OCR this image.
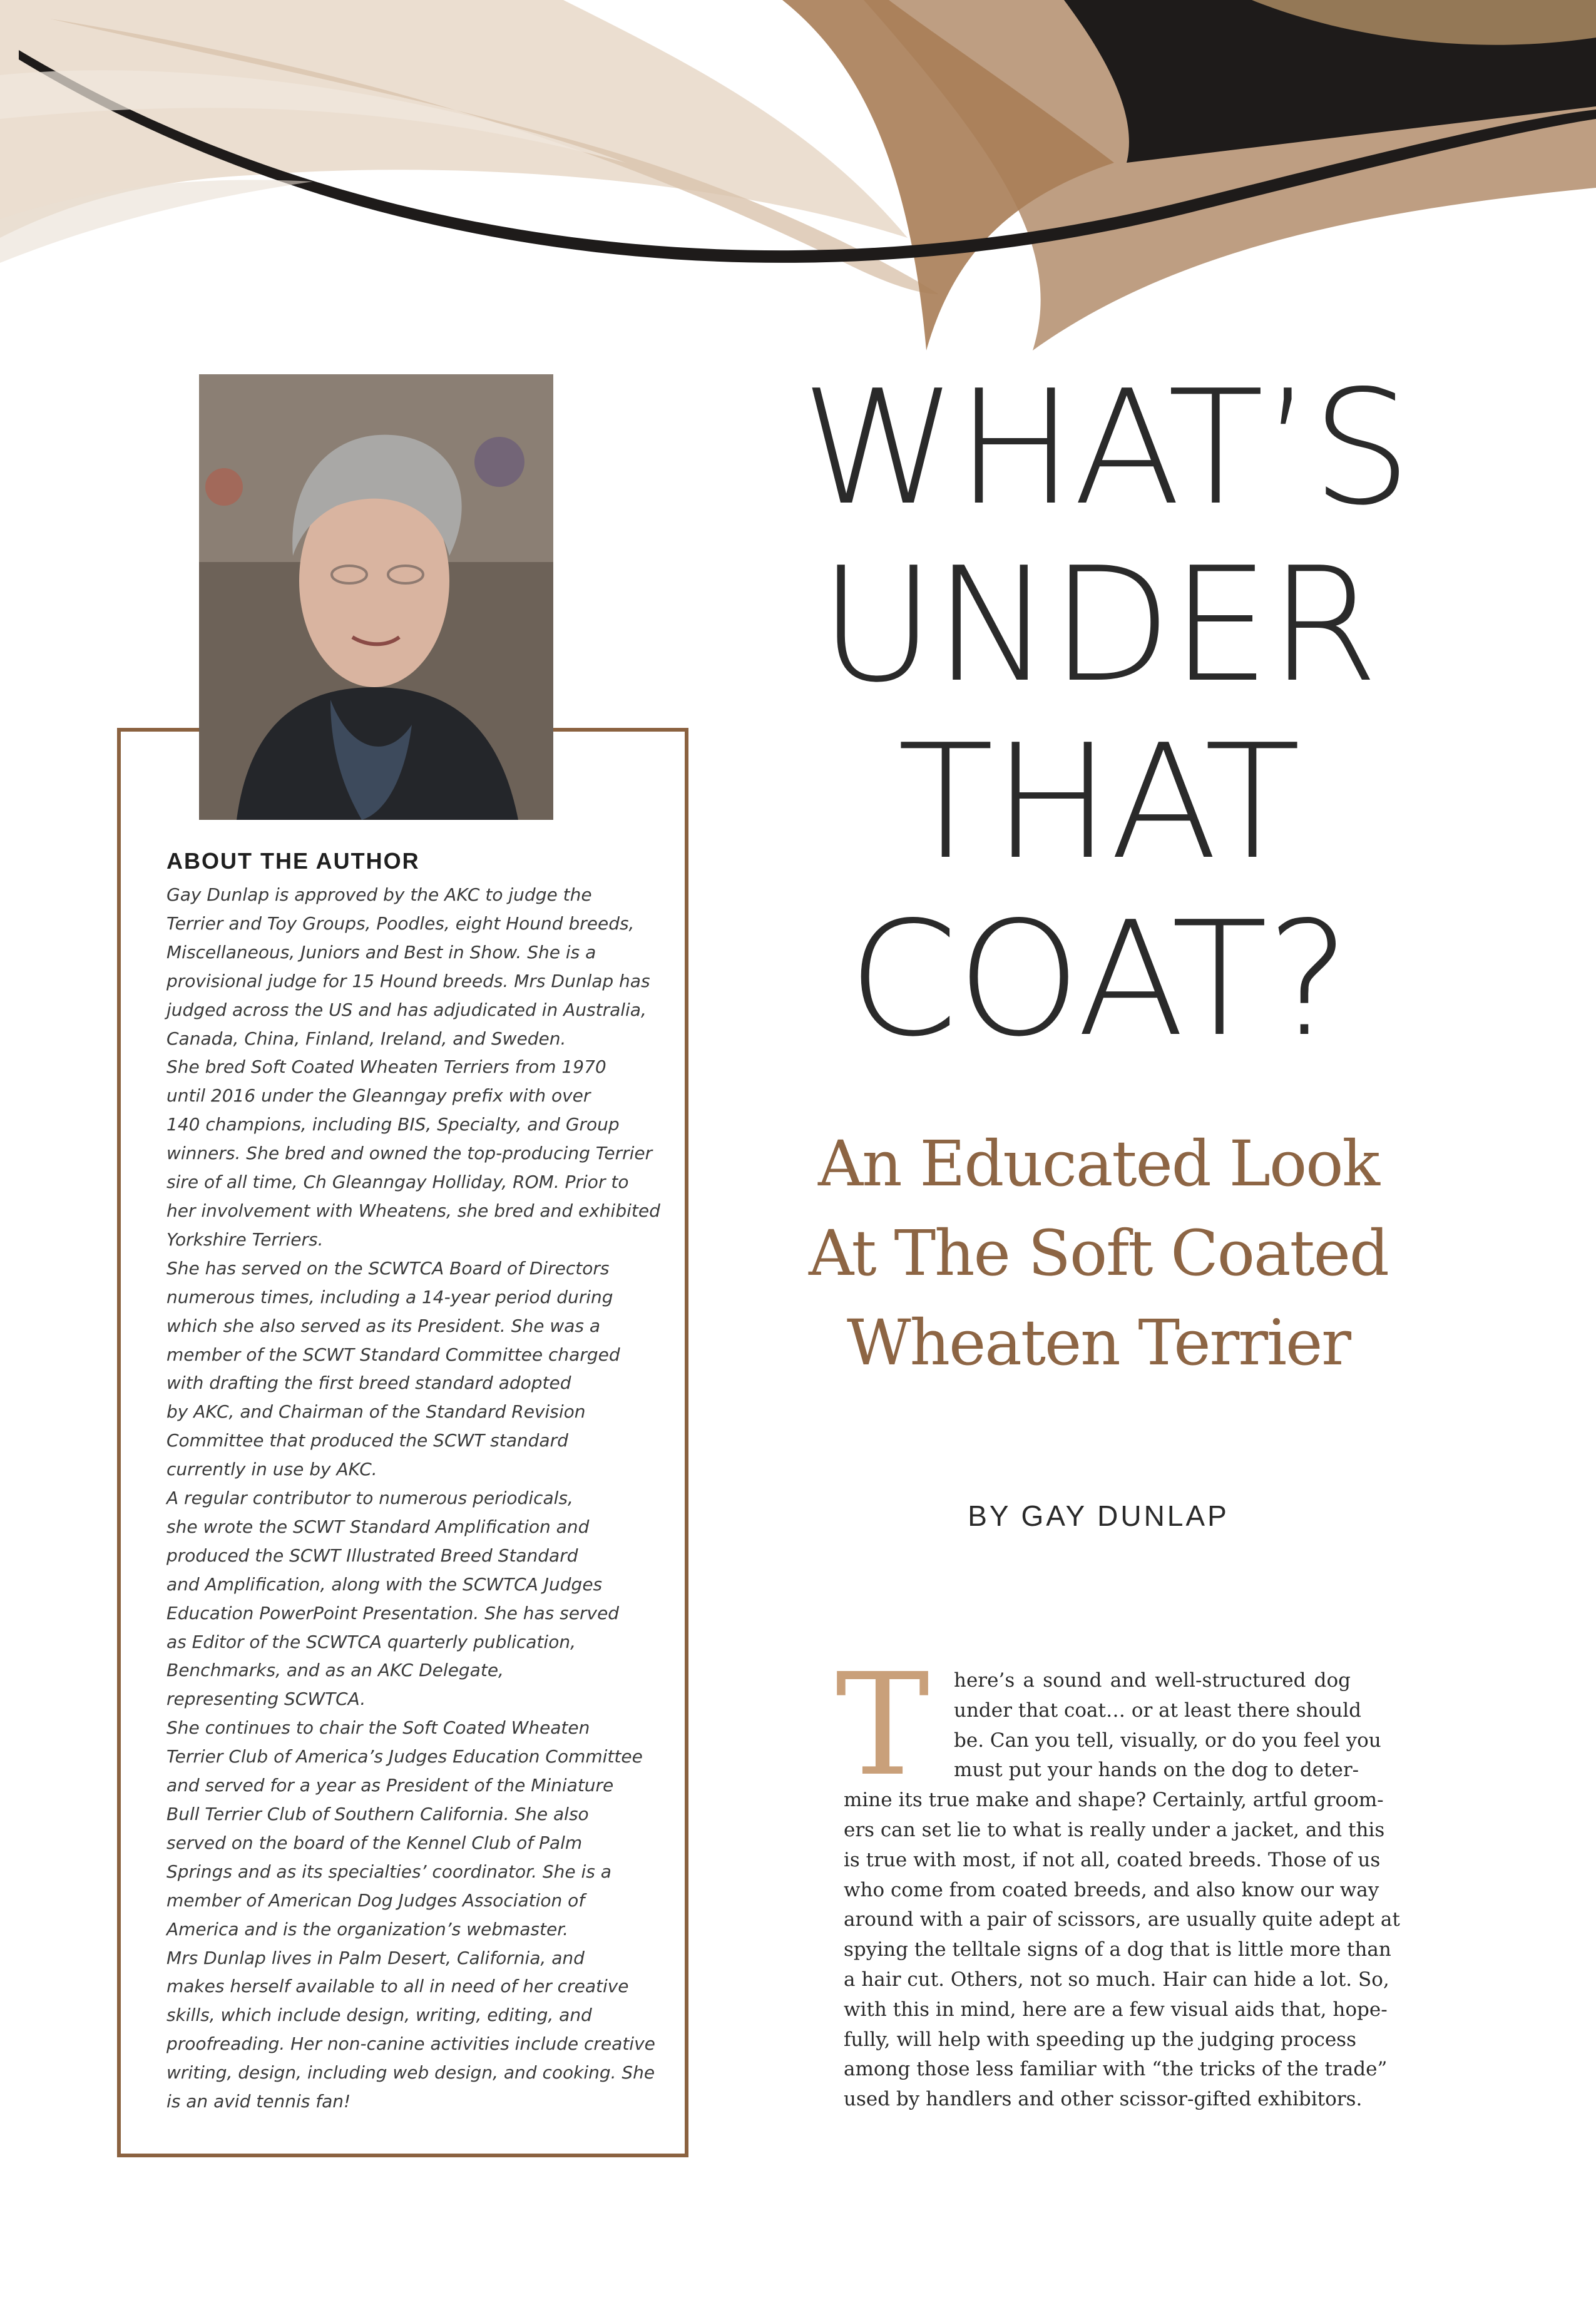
ABOUT THE AUTHOR

Gay Dunlap is approved by the AKC to judge the

Terrier and Toy Groups, Poodles, eight Hound breeds,

Miscellaneous, Juniors and Best in Show. She is a

provisional judge for 15 Hound breeds. Mrs Dunlap has

judged across the US and has adjudicated in Australia,

Canada, China, Finland, Ireland, and Sweden.

She bred Soft Coated Wheaten Terriers from 1970

until 2016 under the Gleanngay prefix with over

140 champions, including BIS, Specialty, and Group

winners. She bred and owned the top-producing Terrier

sire of all time, Ch Gleanngay Holliday, ROM. Prior to

her involvement with Wheatens, she bred and exhibited

Yorkshire Terriers.

She has served on the SCWTCA Board of Directors

numerous times, including a 14-year period during

which she also served as its President. She was a

member of the SCWT Standard Committee charged

with drafting the first breed standard adopted

by AKC, and Chairman of the Standard Revision

Committee that produced the SCWT standard

currently in use by AKC.

A regular contributor to numerous periodicals,

she wrote the SCWT Standard Amplification and

produced the SCWT Illustrated Breed Standard

and Amplification, along with the SCWTCA Judges

Education PowerPoint Presentation. She has served

as Editor of the SCWTCA quarterly publication,

Benchmarks, and as an AKC Delegate,

representing SCWTCA.

She continues to chair the Soft Coated Wheaten

Terrier Club of America’s Judges Education Committee

and served for a year as President of the Miniature

Bull Terrier Club of Southern California. She also

served on the board of the Kennel Club of Palm

Springs and as its specialties’ coordinator. She is a

member of American Dog Judges Association of

America and is the organization’s webmaster.

Mrs Dunlap lives in Palm Desert, California, and

makes herself available to all in need of her creative

skills, which include design, writing, editing, and

proofreading. Her non-canine activities include creative

writing, design, including web design, and cooking. She

is an avid tennis fan!

WHAT’S
UNDER
THAT
COAT?
An Educated Look
At The Soft Coated
Wheaten Terrier
BY GAY DUNLAP
T	here’s a sound and well-structured dog

under that coat… or at least there should

be. Can you tell, visually, or do you feel you

must put your hands on the dog to deter-

mine its true make and shape? Certainly, artful groom-

ers can set lie to what is really under a jacket, and this

is true with most, if not all, coated breeds. Those of us

who come from coated breeds, and also know our way

around with a pair of scissors, are usually quite adept at

spying the telltale signs of a dog that is little more than

a hair cut. Others, not so much. Hair can hide a lot. So,

with this in mind, here are a few visual aids that, hope-

fully, will help with speeding up the judging process

among those less familiar with “the tricks of the trade”

used by handlers and other scissor-gifted exhibitors.
